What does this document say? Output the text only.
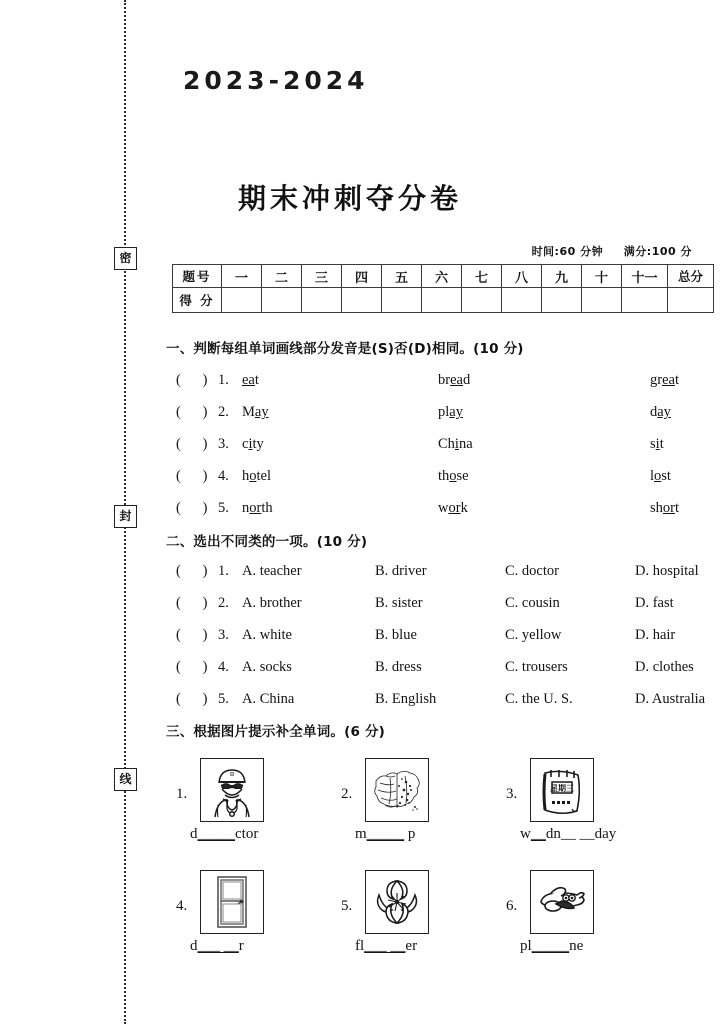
密
封
线
2023-2024
期末冲刺夺分卷
时间:60 分钟 满分:100 分
题号	一	二	三	四	五	六	七	八	九	十	十一	总分
得 分												
一、判断每组单词画线部分发音是(S)否(D)相同。(10 分)
(      ) 1. eat	bread	great
(      ) 2. May	play	day
(      ) 3. city	China	sit
(      ) 4. hotel	those	lost
(      ) 5. north	work	short
二、选出不同类的一项。(10 分)
(      ) 1. A. teacher	B. driver	C. doctor	D. hospital
(      ) 2. A. brother	B. sister	C. cousin	D. fast
(      ) 3. A. white	B. blue	C. yellow	D. hair
(      ) 4. A. socks	B. dress	C. trousers	D. clothes
(      ) 5. A. China	B. English	C. the U. S.	D. Australia
三、根据图片提示补全单词。(6 分)
1.
d_____ctor
2.
m_____ p
3.	星期三
w__dn__ __day
4.
d___ __r
5.
fl___ __er
6.
pl_____ne
